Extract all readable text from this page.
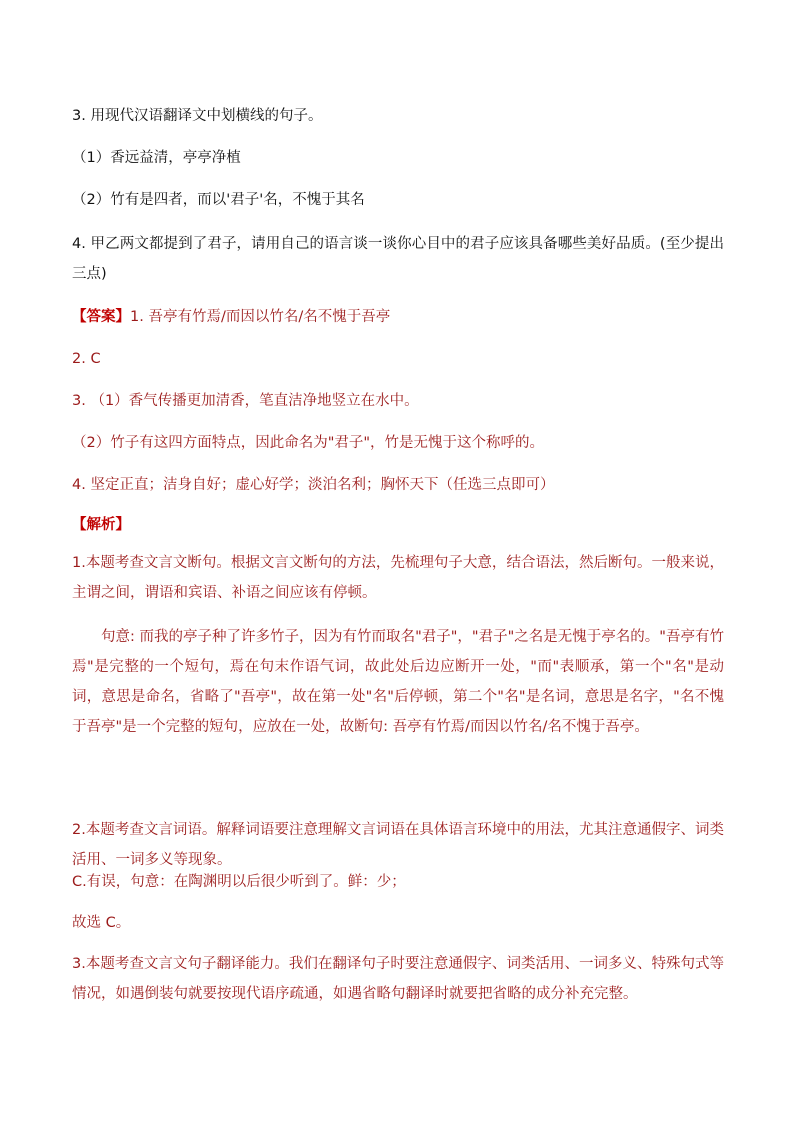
3. 用现代汉语翻译文中划横线的句子。
（1）香远益清，亭亭净植
（2）竹有是四者，而以'君子'名，不愧于其名
4. 甲乙两文都提到了君子，请用自己的语言谈一谈你心目中的君子应该具备哪些美好品质。(至少提出三点)
【答案】1. 吾亭有竹焉/而因以竹名/名不愧于吾亭
2. C
3. （1）香气传播更加清香，笔直洁净地竖立在水中。
（2）竹子有这四方面特点，因此命名为"君子"，竹是无愧于这个称呼的。
4. 坚定正直；洁身自好；虚心好学；淡泊名利；胸怀天下（任选三点即可）
【解析】
1.本题考查文言文断句。根据文言文断句的方法，先梳理句子大意，结合语法，然后断句。一般来说，主谓之间，谓语和宾语、补语之间应该有停顿。
句意: 而我的亭子种了许多竹子，因为有竹而取名"君子"，"君子"之名是无愧于亭名的。"吾亭有竹焉"是完整的一个短句，焉在句末作语气词，故此处后边应断开一处，"而"表顺承，第一个"名"是动词，意思是命名，省略了"吾亭"，故在第一处"名"后停顿，第二个"名"是名词，意思是名字，"名不愧于吾亭"是一个完整的短句，应放在一处，故断句: 吾亭有竹焉/而因以竹名/名不愧于吾亭。
2.本题考查文言词语。解释词语要注意理解文言词语在具体语言环境中的用法，尤其注意通假字、词类活用、一词多义等现象。
C.有误，句意：在陶渊明以后很少听到了。鲜：少；
故选 C。
3.本题考查文言文句子翻译能力。我们在翻译句子时要注意通假字、词类活用、一词多义、特殊句式等情况，如遇倒装句就要按现代语序疏通，如遇省略句翻译时就要把省略的成分补充完整。
